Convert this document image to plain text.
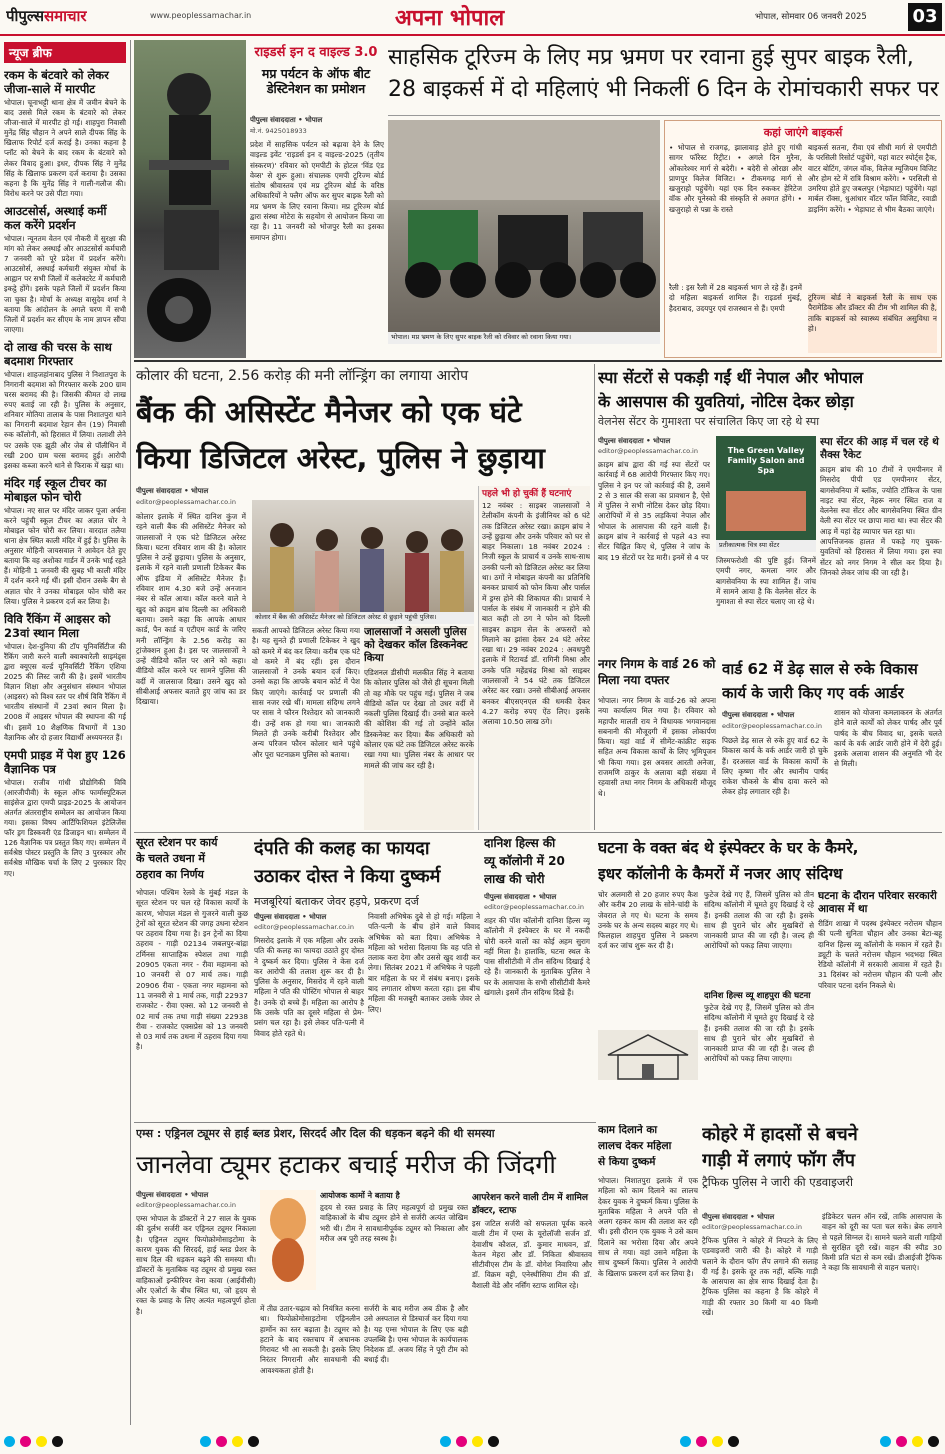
पीपुल्ससमाचार	www.peoplessamachar.in	अपना भोपाल	भोपाल, सोमवार 06 जनवरी 2025	03
न्यूज ब्रीफ
रकम के बंटवारे को लेकर जीजा-साले में मारपीट
भोपाल। चूनाभट्टी थाना क्षेत्र में जमीन बेचने के बाद उससे मिले रकम के बंटवारे को लेकर जीजा-साले में मारपीट हो गई। शाहपुरा निवासी मुनेंद्र सिंह चौहान ने अपने साले दीपक सिंह के खिलाफ रिपोर्ट दर्ज कराई है। उनका कहना है प्लॉट को बेचने के बाद रकम के बंटवारे को लेकर विवाद हुआ। इधर, दीपक सिंह ने मुनेंद्र सिंह के खिलाफ प्रकरण दर्ज कराया है। उसका कहना है कि मुनेंद्र सिंह ने गाली-गलौज की। विरोध करने पर उसे पीटा गया।
आउटसोर्स, अस्थाई कर्मी कल करेंगे प्रदर्शन
भोपाल। न्यूनतम वेतन एवं नौकरी में सुरक्षा की मांग को लेकर अस्थाई और आउटसोर्स कर्मचारी 7 जनवरी को पूरे प्रदेश में प्रदर्शन करेंगे। आउटसोर्स, अस्थाई कर्मचारी संयुक्त मोर्चा के आह्वान पर सभी जिलों में कलेक्टरेट में कर्मचारी इकट्ठे होंगे। इसके पहले जिलों में प्रदर्शन किया जा चुका है। मोर्चा के अध्यक्ष वासुदेव शर्मा ने बताया कि आंदोलन के अगले चरण में सभी जिलों में प्रदर्शन कर सीएम के नाम ज्ञापन सौंपा जाएगा।
दो लाख की चरस के साथ बदमाश गिरफ्तार
भोपाल। शाहजहांनाबाद पुलिस ने निशातपुरा के निगरानी बदमाश को गिरफ्तार करके 200 ग्राम चरस बरामद की है। जिसकी कीमत दो लाख रुपए बताई जा रही है। पुलिस के अनुसार, शनिवार मोतिया तालाब के पास निशातपुरा थाने का निगरानी बदमाश रेहान सैन (19) निवासी रुक कॉलोनी, को हिरासत में लिया। तलाशी लेने पर उसके एक झूठी और जेब से पॉलीथिन में रखी 200 ग्राम चरस बरामद हुई। आरोपी इसका कब्जा करने थाने से फिराक में खड़ा था।
मंदिर गई स्कूल टीचर का मोबाइल फोन चोरी
भोपाल। नए साल पर मंदिर जाकर पूजा अर्चना करने पहुंची स्कूल टीचर का अज्ञात चोर ने मोबाइल फोन चोरी कर लिया। वारदात तलैया थाना क्षेत्र स्थित काली मंदिर में हुई है। पुलिस के अनुसार मोहिनी जायसवाल ने आवेदन देते हुए बताया कि वह अशोका गार्डन में उनके भाई रहते हैं। मोहिनी 1 जनवरी की सुबह भी काली मंदिर में दर्शन करने गई थीं। इसी दौरान उसके बैग से अज्ञात चोर ने उनका मोबाइल फोन चोरी कर लिया। पुलिस ने प्रकरण दर्ज कर लिया है।
विवि रैंकिंग में आइसर को 23वां स्थान मिला
भोपाल। देश-दुनिया की टॉप यूनिवर्सिटीज की रैंकिंग जारी करने वाली क्वाक्वारेली साइमंड्स द्वारा क्यूएस वर्ल्ड यूनिवर्सिटी रैंकिंग एशिया 2025 की लिस्ट जारी की है। इसमें भारतीय विज्ञान शिक्षा और अनुसंधान संस्थान भोपाल (आइसर) को विश्व स्तर पर शीर्ष विवि रैंकिंग में भारतीय संस्थानों में 23वां स्थान मिला है। 2008 में आइसर भोपाल की स्थापना की गई थी। इसमें 10 शैक्षणिक विभागों में 130 वैज्ञानिक और दो हजार विद्यार्थी अध्ययनरत हैं।
एमपी प्राइड में पेश हुए 126 वैज्ञानिक पत्र
भोपाल। राजीव गांधी प्रौद्योगिकी विवि (आरजीपीवी) के स्कूल ऑफ फार्मास्यूटिकल साइंसेज द्वारा एमपी प्राइड-2025 के आयोजन अंतर्गत अंतरराष्ट्रीय सम्मेलन का आयोजन किया गया। इसका विषय आर्टिफिशियल इंटेलिजेंस फॉर ड्रग डिस्कवरी एंड डिजाइन था। सम्मेलन में 126 वैज्ञानिक पत्र प्रस्तुत किए गए। सम्मेलन में सर्वश्रेष्ठ पोस्टर प्रस्तुति के लिए 3 पुरस्कार और सर्वश्रेष्ठ मौखिक चर्चा के लिए 2 पुरस्कार दिए गए।
राइडर्स इन द वाइल्ड 3.0
मप्र पर्यटन के ऑफ बीट डेस्टिनेशन का प्रमोशन
साहसिक टूरिज्म के लिए मप्र भ्रमण पर रवाना हुई सुपर बाइक रैली,
28 बाइकर्स में दो महिलाएं भी निकलीं 6 दिन के रोमांचकारी सफर पर
पीपुल्स संवाददाता • भोपाल
मो.नं. 9425018933
प्रदेश में साहसिक पर्यटन को बढ़ावा देने के लिए वाइल्ड इवेंट 'राइडर्स इन द वाइल्ड-2025 (तृतीय संस्करण)' रविवार को एमपीटी के होटल 'विंड एंड वेव्स' से शुरू हुआ। संचालक एमपी टूरिज्म बोर्ड संतोष श्रीवास्तव एवं मप्र टूरिज्म बोर्ड के वरिष्ठ अधिकारियों ने फ्लैग ऑफ कर सुपर बाइक रैली को मप्र भ्रमण के लिए रवाना किया। मप्र टूरिज्म बोर्ड द्वारा संस्था मोटेरा के सहयोग से आयोजन किया जा रहा है। 11 जनवरी को भोजपुर रैली का इसका समापन होगा।
भोपाल। मप्र भ्रमण के लिए सुपर बाइक रैली को रविवार को रवाना किया गया।
कहां जाएंगे बाइकर्स
• भोपाल से राजगढ़, झालावाड़ होते हुए गांधी सागर फॉरेस्ट रिट्रीट। • अगले दिन मुरैना, ओंकारेश्वर मार्ग से बदेरी। • बदेरी से ओरछा और प्राणपुर विलेज विजिट। • टीकमगढ़ मार्ग से खजुराहो पहुंचेंगे। यहां एक दिन रुककर हेरिटेज वॉक और यूनेस्को की संस्कृति से अवगत होंगे। • खजुराहो से पन्ना के रास्ते
रैली : इस रैली में 28 बाइकर्स भाग ले रहे हैं। इनमें दो महिला बाइकर्स शामिल हैं। राइडर्स मुंबई, हैदराबाद, उदयपुर एवं राजस्थान से हैं। एमपी
बाइकर्स सतना, रीवा एवं सीधी मार्ग से एमपीटी के परसिली रिसोर्ट पहुंचेंगे, यहां वाटर स्पोर्ट्स ट्रैक, वाटर बोटिंग, जंगल वॉक, विलेज म्यूजियम विजिट और होम स्टे में रात्रि विश्राम करेंगे। • परसिली से उमरिया होते हुए जबलपुर (भेड़ाघाट) पहुंचेंगे। यहां मार्बल रॉक्स, धुआंधार वॉटर फॉल विजिट, रवाडी डाइनिंग करेंगे। • भेड़ाघाट से भीम बैठका जाएंगे।
टूरिज्म बोर्ड ने बाइकर्स रैली के साथ एक पैरामेडिक और डॉक्टर की टीम भी शामिल की है, ताकि बाइकर्स को स्वास्थ्य संबंधित असुविधा न हो।
कोलार की घटना, 2.56 करोड़ की मनी लॉन्ड्रिंग का लगाया आरोप
बैंक की असिस्टेंट मैनेजर को एक घंटे
किया डिजिटल अरेस्ट, पुलिस ने छुड़ाया
पीपुल्स संवाददाता • भोपाल
editor@peoplessamachar.co.in
कोलार इलाके में स्थित दानिश कुंज में रहने वाली बैंक की असिस्टेंट मैनेजर को जालसाजों ने एक घंटे डिजिटल अरेस्ट किया। घटना रविवार शाम की है। कोलार पुलिस ने उन्हें छुड़ाया। पुलिस के अनुसार, इलाके में रहने वाली प्रणाली टिकेकर बैंक ऑफ इंडिया में असिस्टेंट मैनेजर हैं। रविवार शाम 4.30 बजे उन्हें अनजान नंबर से कॉल आया। कॉल करने वाले ने खुद को क्राइम ब्रांच दिल्ली का अधिकारी बताया। उसने कहा कि आपके आधार कार्ड, पैन कार्ड व एटीएम कार्ड के जरिए मनी लॉन्ड्रिंग के 2.56 करोड़ का ट्रांजेक्शन हुआ है। इस पर जालसाजों ने उन्हें वीडियो कॉल पर आने को कहा। वीडियो कॉल करने पर सामने पुलिस की वर्दी में जालसाज दिखा। उसने खुद को सीबीआई अफसर बताते हुए जांच का डर दिखाया।
कोलार में बैंक की असिस्टेंट मैनेजर को डिजिटल अरेस्ट से छुड़ाने पहुंची पुलिस।
सकती आपको डिजिटल अरेस्ट किया गया है। यह सुनते ही प्रणाली टिकेकर ने खुद को कमरे में बंद कर लिया। करीब एक घंटे वो कमरे में बंद रहीं। इस दौरान जालसाजों ने उनके बयान दर्ज किए। उनसे कहा कि आपके बयान कोर्ट में पेश किए जाएंगे। कार्रवाई पर प्रणाली की सास नजर रखे थीं। मामला संदिग्ध लगने पर सास ने फौरन रिश्तेदार को जानकारी दी। उन्हें शक हो गया था। जानकारी मिलते ही उनके करीबी रिश्तेदार और अन्य परिजन फौरन कोलार थाने पहुंचे और पूरा घटनाक्रम पुलिस को बताया।
जालसाजों ने असली पुलिस को देखकर कॉल डिस्कनेक्ट किया
एडिशनल डीसीपी मलकीत सिंह ने बताया कि कोलार पुलिस को जैसे ही सूचना मिली तो वह मौके पर पहुंच गई। पुलिस ने जब वीडियो कॉल पर देखा तो उधर वर्दी में नकली पुलिस दिखाई दी। उनसे बात करने की कोशिश की गई तो उन्होंने कॉल डिस्कनेक्ट कर दिया। बैंक अधिकारी को कोलार एक घंटे तक डिजिटल अरेस्ट करके रखा गया था। पुलिस नंबर के आधार पर मामले की जांच कर रही है।
पहले भी हो चुकीं हैं घटनाएं
12 नवंबर : साइबर जालसाजों ने टेलीकॉम कंपनी के इंजीनियर को 6 घंटे तक डिजिटल अरेस्ट रखा। क्राइम ब्रांच ने उन्हें छुड़ाया और उनके परिवार को घर से बाहर निकाला। 18 नवंबर 2024 : निजी स्कूल के प्राचार्य व उनके साथ-साथ उनकी पत्नी को डिजिटल अरेस्ट कर लिया था। ठगों ने मोबाइल कंपनी का प्रतिनिधि बनकर प्राचार्य को फोन किया और पार्सल में ड्रग्स होने की शिकायत की। प्राचार्य ने पार्सल के संबंध में जानकारी न होने की बात कही तो ठग ने फोन को दिल्ली साइबर क्राइम सेल के अफसरों को मिलाने का झांसा देकर 24 घंटे अरेस्ट रखा था। 29 नवंबर 2024 : अवधपुरी इलाके में रिटायर्ड डॉ. रागिनी मिश्रा और उनके पति महेंद्रचंद्र मिश्रा को साइबर जालसाजों ने 54 घंटे तक डिजिटल अरेस्ट कर रखा। उनसे सीबीआई अफसर बनकर बीएसएनएल की धमकी देकर 4.27 करोड़ रुपए ऐंठ लिए। इसके अलावा 10.50 लाख ठगे।
स्पा सेंटरों से पकड़ी गईं थीं नेपाल और भोपाल
के आसपास की युवतियां, नोटिस देकर छोड़ा
वेलनेस सेंटर के गुमाश्ता पर संचालित किए जा रहे थे स्पा
पीपुल्स संवाददाता • भोपाल
editor@peoplessamachar.co.in
क्राइम ब्रांच द्वारा की गई स्पा सेंटरों पर कार्रवाई में 68 आरोपी गिरफ्तार किए गए। पुलिस ने इन पर जो कार्रवाई की है, उसमें 2 से 3 साल की सजा का प्रावधान है, ऐसे में पुलिस ने सभी नोटिस देकर छोड़ दिया। आरोपियों में से 35 लड़कियां नेपाल और भोपाल के आसपास की रहने वाली हैं। क्राइम ब्रांच ने कार्रवाई से पहले 43 स्पा सेंटर चिह्नित किए थे, पुलिस ने जांच के बाद 19 सेंटरों पर रेड मारी। इनमें से 4 पर
The Green Valley Family Salon and Spa
प्रतीकात्मक चित्र स्पा सेंटर
जिस्मफरोशी की पुष्टि हुई। जिनमें एमपी नगर, कमला नगर और बागसेवनिया के स्पा शामिल हैं। जांच में सामने आया है कि वेलनेस सेंटर के गुमाश्ता से स्पा सेंटर चलाए जा रहे थे।
स्पा सेंटर की आड़ में चल रहे थे सैक्स रैकेट
क्राइम ब्रांच की 10 टीमों ने एमपीनगर में मिसरोद पीपी एड एमपीनगर सेंटर, बागसेवनिया में ब्लॉक, ज्योति टॉकिज के पास नाइट स्पा सेंटर, नेहरू नगर स्थित राज व वेलनेस स्पा सेंटर और बागसेवनिया स्थित ग्रीन वेली स्पा सेंटर पर छापा मारा था। स्पा सेंटर की आड़ में यहां देह व्यापार चल रहा था।
आपत्तिजनक हालत में पकड़े गए युवक-युवतियों को हिरासत में लिया गया। इस स्पा सेंटर को नगर निगम ने सील कर दिया है। जिनको लेकर जांच की जा रही है।
नगर निगम के वार्ड 26 को मिला नया दफ्तर
भोपाल। नगर निगम के वार्ड-26 को अपना नया कार्यालय मिल गया है। रविवार को महापौर मालती राय ने विधायक भगवानदास सबनानी की मौजूदगी में इसका लोकार्पण किया। यहां वार्ड में सीमेंट-कांक्रीट सड़क सहित अन्य विकास कार्यों के लिए भूमिपूजन भी किया गया। इस अवसर आरती अनेजा, राजमणि ठाकुर के अलावा बड़ी संख्या में रहवासी तथा नगर निगम के अधिकारी मौजूद थे।
वार्ड 62 में डेढ़ साल से रुके विकास
कार्य के जारी किए गए वर्क आर्डर
पीपुल्स संवाददाता • भोपाल
editor@peoplessamachar.co.in
पिछले डेढ़ साल से रुके हुए वार्ड 62 के विकास कार्य के वर्क आर्डर जारी हो चुके हैं। दरअसल वार्ड के विकास कार्यों के लिए कृष्णा गौर और स्थानीय पार्षद राकेश चौकसे के बीच दावा करने को लेकर होड़ लगातार रही है।
शासन को योजना कमलाकरन के अंतर्गत होने वाले कार्यों को लेकर पार्षद और पूर्व पार्षद के बीच विवाद था, इसके चलते कार्य के वर्क आर्डर जारी होने में देरी हुई। इसके अलावा शासन की अनुमति भी देर से मिली।
सूरत स्टेशन पर कार्य
के चलते उधना में
ठहराव का निर्णय
भोपाल। पश्चिम रेलवे के मुंबई मंडल के सूरत स्टेशन पर चल रहे विकास कार्यों के कारण, भोपाल मंडल से गुजरने वाली कुछ ट्रेनों को सूरत स्टेशन की जगह उधना स्टेशन पर ठहराव दिया गया है। इन ट्रेनों का दिया ठहराव - गाड़ी 02134 जबलपुर-बांद्रा टर्मिनस साप्ताहिक स्पेशल तथा गाड़ी 20905 एकता नगर - रीवा महामना को 10 जनवरी से 07 मार्च तक। गाड़ी 20906 रीवा - एकता नगर महामना को 11 जनवरी से 1 मार्च तक, गाड़ी 22937 राजकोट - रीवा एक्स. को 12 जनवरी से 02 मार्च तक तथा गाड़ी संख्या 22938 रीवा - राजकोट एक्सप्रेस को 13 जनवरी से 03 मार्च तक उधना में ठहराव दिया गया है।
दंपति की कलह का फायदा
उठाकर दोस्त ने किया दुष्कर्म
मजबूरियां बताकर जेवर हड़पे, प्रकरण दर्ज
पीपुल्स संवाददाता • भोपाल
editor@peoplessamachar.co.in
मिसरोद इलाके में एक महिला और उसके पति की कलह का फायदा उठाते हुए दोस्त ने दुष्कर्म कर दिया। पुलिस ने केस दर्ज कर आरोपी की तलाश शुरू कर दी है। पुलिस के अनुसार, मिसरोद में रहने वाली महिला ने पति की पोस्टिंग भोपाल से बाहर है। उनके दो बच्चे हैं। महिला का आरोप है कि उसके पति का दूसरे महिला से प्रेम-प्रसंग चल रहा है। इसे लेकर पति-पत्नी में विवाद होते रहते थे।
निवासी अभिषेक दुबे से हो गई। महिला ने पति-पत्नी के बीच होने वाले विवाद अभिषेक को बता दिया। अभिषेक ने महिला को भरोसा दिलाया कि वह पति से तलाक करा देगा और उससे खुद शादी कर लेगा। सितंबर 2021 में अभिषेक ने पहली बार महिला के घर में संबंध बनाए। इसके बाद लगातार शोषण करता रहा। इस बीच महिला की मजबूरी बताकर उसके जेवर ले लिए।
दानिश हिल्स की
व्यू कॉलोनी में 20
लाख की चोरी
पीपुल्स संवाददाता • भोपाल
editor@peoplessamachar.co.in
शहर की पॉश कॉलोनी दानिश हिल्स व्यू कॉलोनी में इंस्पेक्टर के घर में नकदी चोरी करने वालों का कोई अहम सुराग नहीं मिला है। हालांकि, घटना स्थल के पास सीसीटीवी में तीन संदिग्ध दिखाई दे रहे हैं। जानकारी के मुताबिक पुलिस ने घर के आसपास के सभी सीसीटीवी कैमरे खंगाले। इसमें तीन संदिग्ध दिखे हैं।
घटना के वक्त बंद थे इंस्पेक्टर के घर के कैमरे,
इधर कॉलोनी के कैमरों में नजर आए संदिग्ध
चोर अलमारी से 20 हजार रुपए कैश और करीब 20 लाख के सोने-चांदी के जेवरात ले गए थे। घटना के समय उनके घर के अन्य सदस्य बाहर गए थे। फिलहाल शाहपुरा पुलिस ने प्रकरण दर्ज कर जांच शुरू कर दी है।
फुटेज देखे गए हैं, जिसमें पुलिस को तीन संदिग्ध कॉलोनी में घूमते हुए दिखाई दे रहे हैं। इनकी तलाश की जा रही है। इसके साथ ही पुराने चोर और मुखबिरों से जानकारी प्राप्त की जा रही है। जल्द ही आरोपियों को पकड़ लिया जाएगा।
दानिश हिल्स व्यू शाहपुरा की घटना
फुटेज देखे गए हैं, जिसमें पुलिस को तीन संदिग्ध कॉलोनी में घूमते हुए दिखाई दे रहे हैं। इनकी तलाश की जा रही है। इसके साथ ही पुराने चोर और मुखबिरों से जानकारी प्राप्त की जा रही है। जल्द ही आरोपियों को पकड़ लिया जाएगा।
घटना के दौरान परिवार सरकारी आवास में था
रीडिंग शाखा में पदस्थ इंस्पेक्टर नरोत्तम चौहान की पत्नी सुनिता चौहान और उनका बेटा-बहू दानिश हिल्स व्यू कॉलोनी के मकान में रहते हैं। ड्यूटी के चलते नरोत्तम चौहान भदभदा स्थित रेडियो कॉलोनी में सरकारी आवास में रहते हैं। 31 दिसंबर को नरोत्तम चौहान की पत्नी और परिवार पटना दर्शन निकले थे।
काम दिलाने का
लालच देकर महिला
से किया दुष्कर्म
भोपाल। निशातपुरा इलाके में एक महिला को काम दिलाने का लालच देकर युवक ने दुष्कर्म किया। पुलिस के मुताबिक महिला ने अपने पति से अलग रहकर काम की तलाश कर रही थी। इसी दौरान एक युवक ने उसे काम दिलाने का भरोसा दिया और अपने साथ ले गया। वहां उसने महिला के साथ दुष्कर्म किया। पुलिस ने आरोपी के खिलाफ प्रकरण दर्ज कर लिया है।
एम्स : एड्रिनल ट्यूमर से हाई ब्लड प्रेशर, सिरदर्द और दिल की धड़कन बढ़ने की थी समस्या
जानलेवा ट्यूमर हटाकर बचाई मरीज की जिंदगी
पीपुल्स संवाददाता • भोपाल
editor@peoplessamachar.co.in
एम्स भोपाल के डॉक्टरों ने 27 साल के युवक की दुर्लभ सर्जरी कर एड्रिनल ट्यूमर निकाला है। एड्रिनल ट्यूमर फियोक्रोमोसाइटोमा के कारण युवक की सिरदर्द, हाई ब्लड प्रेशर के साथ दिल की धड़कन बढ़ने की समस्या थी। डॉक्टरों के मुताबिक यह ट्यूमर दो प्रमुख रक्त वाहिकाओं इन्फीरियर वेना कावा (आईवीसी) और एओर्टा के बीच स्थित था, जो हृदय से रक्त के प्रवाह के लिए अत्यंत महत्वपूर्ण होता है।
आयोजक कामों ने बताया है
हृदय से रक्त प्रवाह के लिए महत्वपूर्ण दो प्रमुख रक्त वाहिकाओं के बीच ट्यूमर होने से सर्जरी अत्यंत जोखिम भरी थी। टीम ने सावधानीपूर्वक ट्यूमर को निकाला और मरीज अब पूरी तरह स्वस्थ है।
में तीव्र उतार-चढ़ाव को नियंत्रित करना था। फियोक्रोमोसाइटोमा एड्रिनलीन हार्मोन का स्तर बढ़ाता है। ट्यूमर को हटाने के बाद रक्तचाप में अचानक गिरावट भी आ सकती है। इसके लिए निरंतर निगरानी और सावधानी की आवश्यकता होती है।
सर्जरी के बाद मरीज अब ठीक है और उसे अस्पताल से डिस्चार्ज कर दिया गया है। यह एम्स भोपाल के लिए एक बड़ी उपलब्धि है। एम्स भोपाल के कार्यपालक निदेशक डॉ. अजय सिंह ने पूरी टीम को बधाई दी।
आपरेशन करने वाली टीम में शामिल डॉक्टर, स्टाफ
इस जटिल सर्जरी को सफलता पूर्वक करने वाली टीम में एम्स के यूरोलॉजी सर्जन डॉ. देवाशीष कौशल, डॉ. कुमार माधवन, डॉ. केतन मेहरा और डॉ. निकिता श्रीवास्तव सीटीवीएस टीम के डॉ. योगेश निवारिया और डॉ. विक्रम वट्टी, एनेस्थीसिया टीम की डॉ. वैशाली वेंडे और नर्सिंग स्टाफ शामिल रहे।
कोहरे में हादसों से बचने
गाड़ी में लगाएं फॉग लैंप
ट्रैफिक पुलिस ने जारी की एडवाइजरी
पीपुल्स संवाददाता • भोपाल
editor@peoplessamachar.co.in
ट्रैफिक पुलिस ने कोहरे में निपटने के लिए एडवाइजरी जारी की है। कोहरे में गाड़ी चलाने के दौरान फॉग लैंप लगाने की सलाह दी गई है। इसके दूर तक नहीं, बल्कि गाड़ी के आसपास का क्षेत्र साफ दिखाई देता है। ट्रैफिक पुलिस का कहना है कि कोहरे में गाड़ी की रफ्तार 30 किमी या 40 किमी रखें।
इंडिकेटर चलन ऑन रखें, ताकि आसपास के वाहन को दूरी का पता चल सके। ब्रेक लगाने से पहले सिग्नल दें। सामने चलने वाली गाड़ियों से सुरक्षित दूरी रखें। वाहन की स्पीड 30 किमी प्रति घंटा से कम रखें। डीआईजी ट्रैफिक ने कहा कि सावधानी से वाहन चलाएं।
